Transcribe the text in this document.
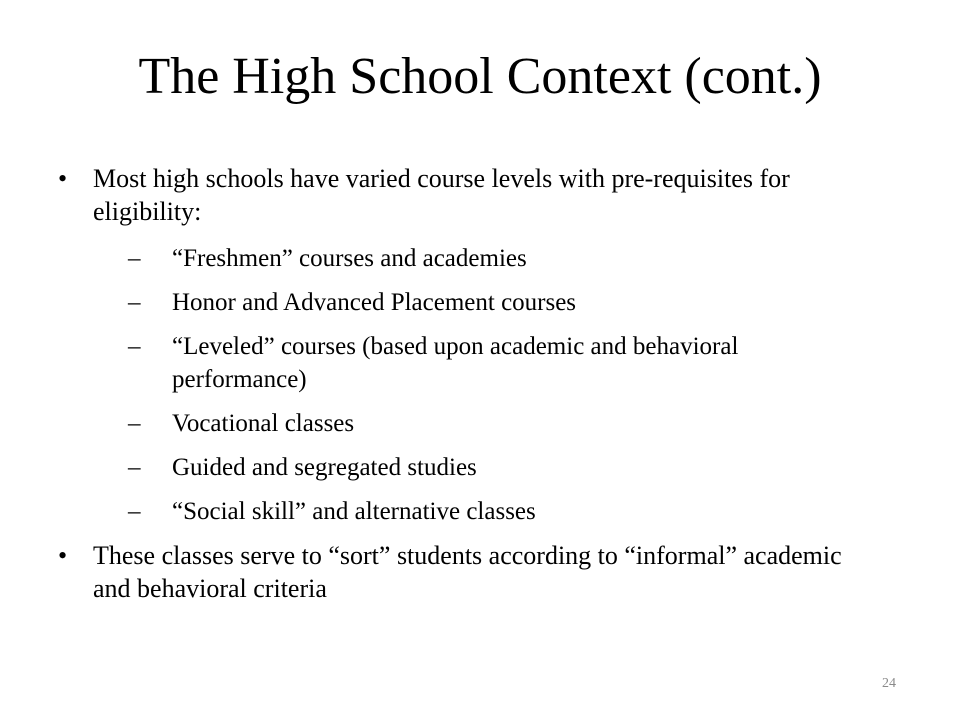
The High School Context (cont.)
• Most high schools have varied course levels with pre-requisites for eligibility:
–	“Freshmen” courses and academies
–	Honor and Advanced Placement courses
–	“Leveled” courses (based upon academic and behavioral performance)
–	Vocational classes
–	Guided and segregated studies
–	“Social skill” and alternative classes
• These classes serve to “sort” students according to “informal” academic and behavioral criteria
24
